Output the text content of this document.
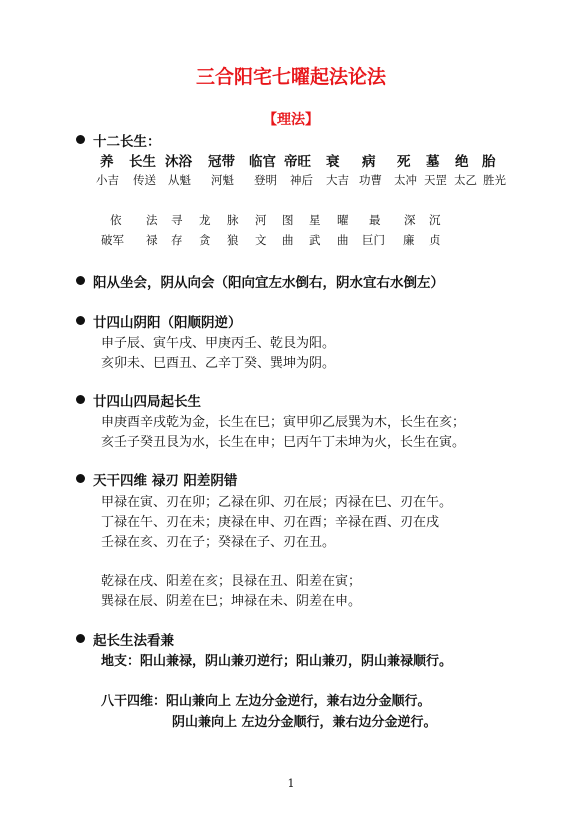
三合阳宅七曜起法论法
【理法】
十二长生：
养 长生 沐浴 冠带 临官 帝旺 衰 病 死 墓 绝 胎
小吉 传送 从魁 河魁 登明 神后 大吉 功曹 太冲 天罡 太乙 胜光
依 法 寻 龙 脉 河 图 星 曜 最 深 沉
破军 禄 存 贪 狼 文 曲 武 曲 巨门 廉 贞
阳从坐会，阴从向会（阳向宜左水倒右，阴水宜右水倒左）
廿四山阴阳（阳顺阴逆）
申子辰、寅午戌、甲庚丙壬、乾艮为阳。
亥卯未、巳酉丑、乙辛丁癸、巽坤为阴。
廿四山四局起长生
申庚酉辛戌乾为金，长生在巳；寅甲卯乙辰巽为木，长生在亥；
亥壬子癸丑艮为水，长生在申；巳丙午丁未坤为火，长生在寅。
天干四维 禄刃 阳差阴错
甲禄在寅、刃在卯；乙禄在卯、刃在辰；丙禄在巳、刃在午。
丁禄在午、刃在未；庚禄在申、刃在酉；辛禄在酉、刃在戌
壬禄在亥、刃在子；癸禄在子、刃在丑。
乾禄在戌、阳差在亥；艮禄在丑、阳差在寅；
巽禄在辰、阴差在巳；坤禄在未、阴差在申。
起长生法看兼
地支：阳山兼禄，阴山兼刃逆行；阳山兼刃，阴山兼禄顺行。
八干四维：阳山兼向上 左边分金逆行，兼右边分金顺行。
阴山兼向上 左边分金顺行，兼右边分金逆行。
1
